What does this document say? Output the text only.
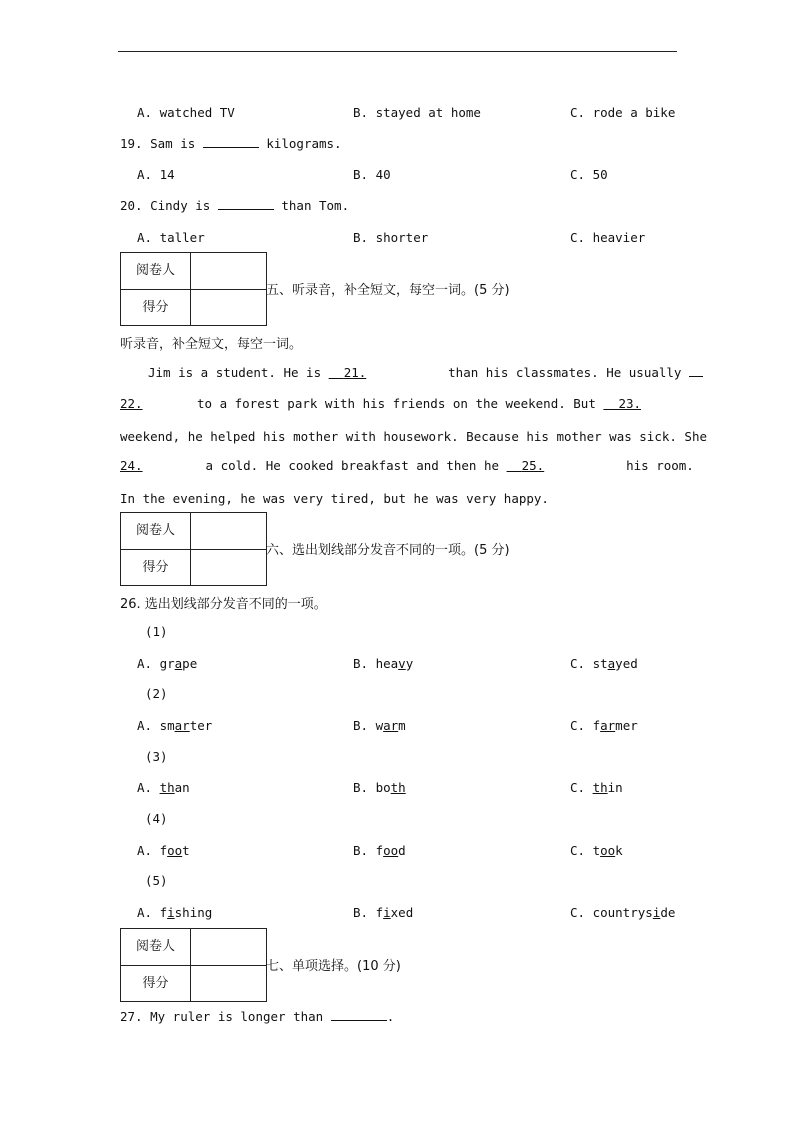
A. watched TV	B. stayed at home	C. rode a bike
19. Sam is	kilograms.
A. 14	B. 40	C. 50
20. Cindy is	than Tom.
A. taller	B. shorter	C. heavier
阅卷人
得分
五、听录音，补全短文，每空一词。(5 分)
听录音，补全短文，每空一词。
Jim is a student. He is 21.	than his classmates. He usually
22.	to a forest park with his friends on the weekend. But 23.
weekend, he helped his mother with housework. Because his mother was sick. She
24.	a cold. He cooked breakfast and then he 25.	his room.
In the evening, he was very tired, but he was very happy.
阅卷人
得分
六、选出划线部分发音不同的一项。(5 分)
26. 选出划线部分发音不同的一项。
(1)
A. grape	B. heavy	C. stayed
(2)
A. smarter	B. warm	C. farmer
(3)
A. than	B. both	C. thin
(4)
A. foot	B. food	C. took
(5)
A. fishing	B. fixed	C. countryside
阅卷人
得分
七、单项选择。(10 分)
27. My ruler is longer than	.
